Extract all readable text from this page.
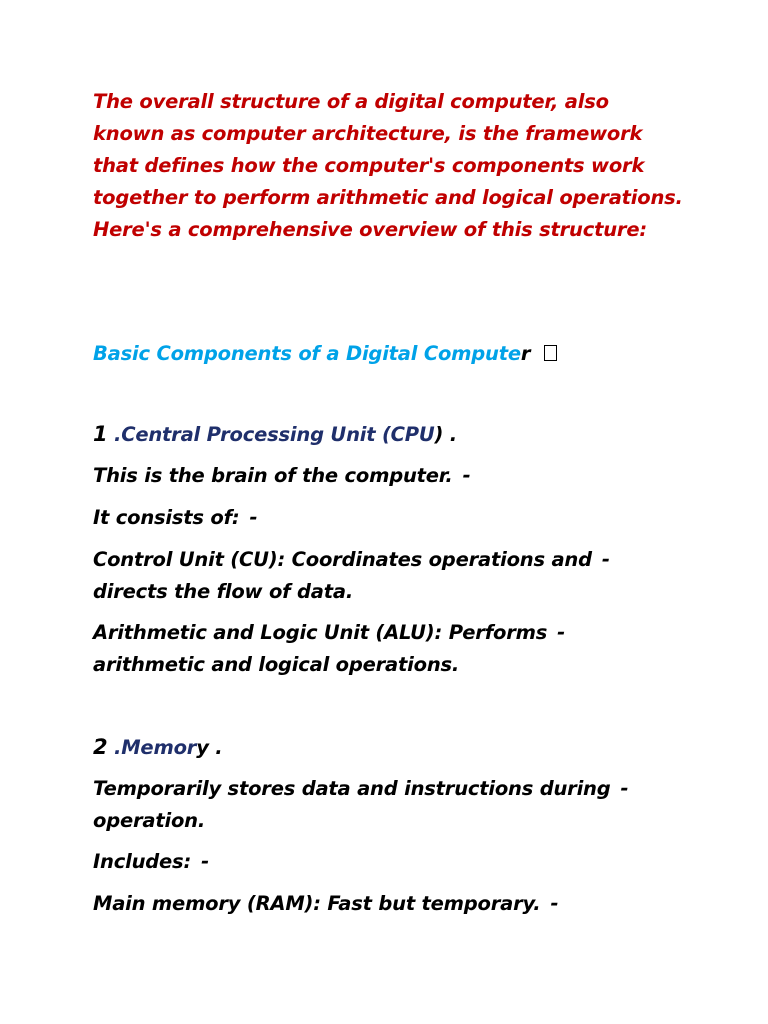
The overall structure of a digital computer, also
known as computer architecture, is the framework
that defines how the computer's components work
together to perform arithmetic and logical operations.
Here's a comprehensive overview of this structure:

Basic Components of a Digital Computer

1 .Central Processing Unit (CPU) .

This is the brain of the computer. -

It consists of: -

Control Unit (CU): Coordinates operations and -
directs the flow of data.

Arithmetic and Logic Unit (ALU): Performs -
arithmetic and logical operations.

2 .Memory .

Temporarily stores data and instructions during -
operation.

Includes: -

Main memory (RAM): Fast but temporary. -
